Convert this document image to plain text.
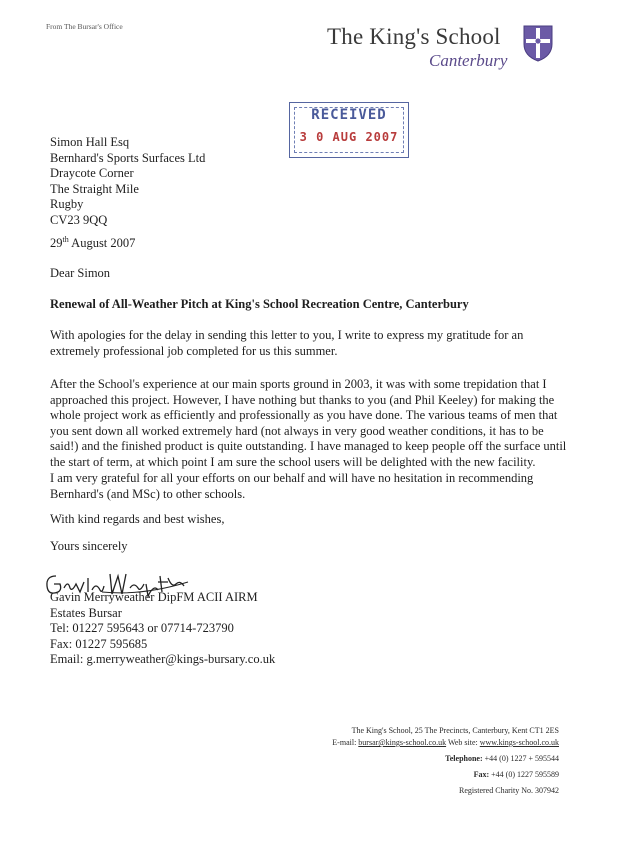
From The Bursar's Office	The King's School
Canterbury
RECEIVED
3 0 AUG 2007
Simon Hall Esq
Bernhard's Sports Surfaces Ltd
Draycote Corner
The Straight Mile
Rugby
CV23 9QQ
29th August 2007
Dear Simon
Renewal of All-Weather Pitch at King's School Recreation Centre, Canterbury
With apologies for the delay in sending this letter to you, I write to express my gratitude for an extremely professional job completed for us this summer.
After the School's experience at our main sports ground in 2003, it was with some trepidation that I approached this project. However, I have nothing but thanks to you (and Phil Keeley) for making the whole project work as efficiently and professionally as you have done. The various teams of men that you sent down all worked extremely hard (not always in very good weather conditions, it has to be said!) and the finished product is quite outstanding. I have managed to keep people off the surface until the start of term, at which point I am sure the school users will be delighted with the new facility.
I am very grateful for all your efforts on our behalf and will have no hesitation in recommending Bernhard's (and MSc) to other schools.
With kind regards and best wishes,
Yours sincerely
Gavin Merryweather DipFM ACII AIRM
Estates Bursar
Tel: 01227 595643 or 07714-723790
Fax: 01227 595685
Email: g.merryweather@kings-bursary.co.uk
The King's School, 25 The Precincts, Canterbury, Kent CT1 2ES
E-mail: bursar@kings-school.co.uk Web site: www.kings-school.co.uk
Telephone: +44 (0) 1227 + 595544
Fax: +44 (0) 1227 595589
Registered Charity No. 307942
